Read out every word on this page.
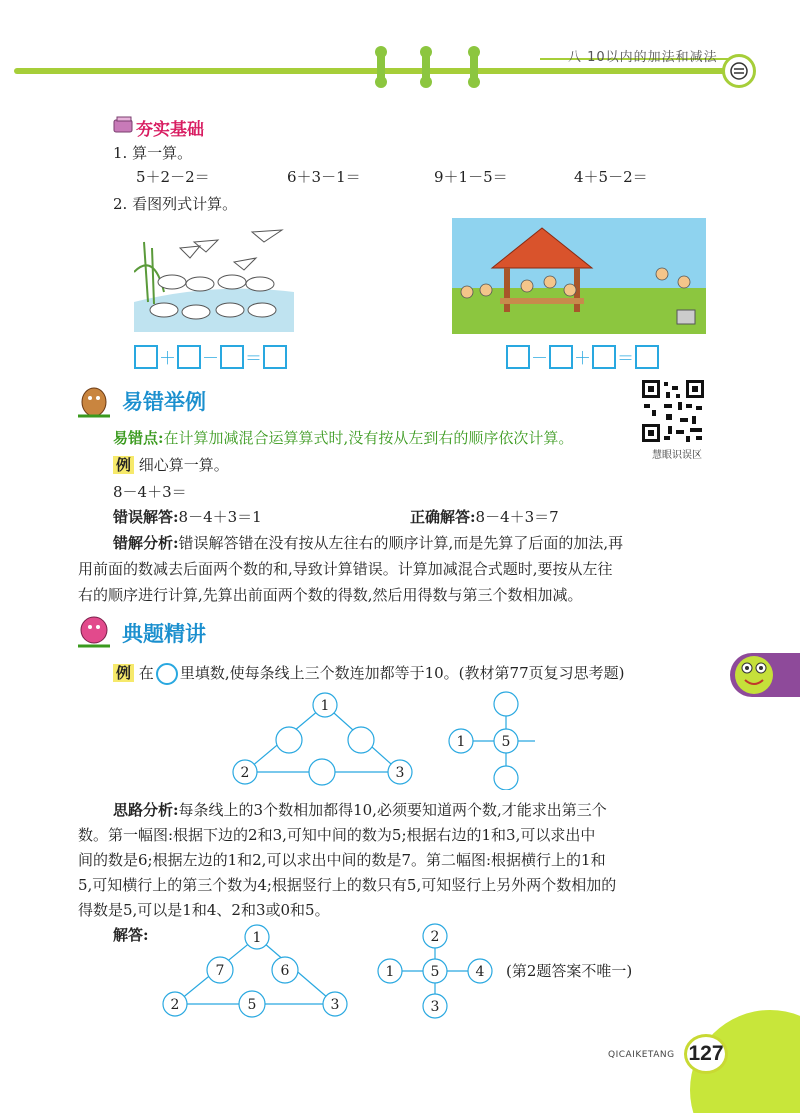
八 10以内的加法和减法
夯实基础
1. 算一算。
5＋2－2＝	6＋3－1＝	9＋1－5＝	4＋5－2＝
2. 看图列式计算。
＋ － ＝	－ ＋ ＝
易错举例
慧眼识误区
易错点:在计算加减混合运算算式时,没有按从左到右的顺序依次计算。
例 细心算一算。
8－4＋3＝
错误解答:8－4＋3＝1	正确解答:8－4＋3＝7
错解分析:错误解答错在没有按从左往右的顺序计算,而是先算了后面的加法,再
用前面的数减去后面两个数的和,导致计算错误。计算加减混合式题时,要按从左往
右的顺序进行计算,先算出前面两个数的得数,然后用得数与第三个数相加减。
典题精讲
例 在 里填数,使每条线上三个数连加都等于10。(教材第77页复习思考题)
1
2	3
1	5
思路分析:每条线上的3个数相加都得10,必须要知道两个数,才能求出第三个
数。第一幅图:根据下边的2和3,可知中间的数为5;根据右边的1和3,可以求出中
间的数是6;根据左边的1和2,可以求出中间的数是7。第二幅图:根据横行上的1和
5,可知横行上的第三个数为4;根据竖行上的数只有5,可知竖行上另外两个数相加的
得数是5,可以是1和4、2和3或0和5。
解答:	1
7	6
2	5	3
2
1	5	4
3
(第2题答案不唯一)
QICAIKETANG 127
